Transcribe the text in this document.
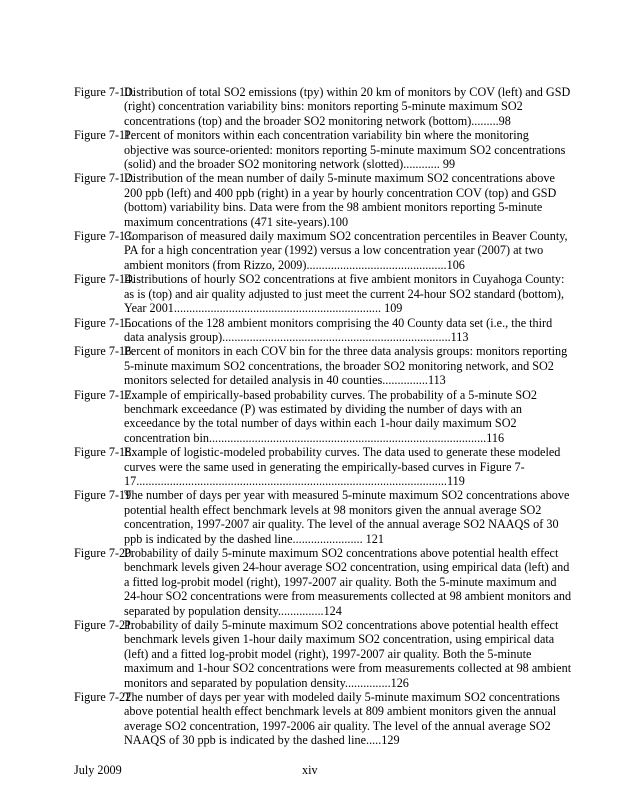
Figure 7-10.
Distribution of total SO2 emissions (tpy) within 20 km of monitors by COV (left) and GSD (right) concentration variability bins: monitors reporting 5-minute maximum SO2 concentrations (top) and the broader SO2 monitoring network (bottom).........98

Figure 7-11.
Percent of monitors within each concentration variability bin where the monitoring objective was source-oriented: monitors reporting 5-minute maximum SO2 concentrations (solid) and the broader SO2 monitoring network (slotted)............ 99

Figure 7-12.
Distribution of the mean number of daily 5-minute maximum SO2 concentrations above 200 ppb (left) and 400 ppb (right) in a year by hourly concentration COV (top) and GSD (bottom) variability bins. Data were from the 98 ambient monitors reporting 5-minute maximum concentrations (471 site-years).100

Figure 7-13.
Comparison of measured daily maximum SO2 concentration percentiles in Beaver County, PA for a high concentration year (1992) versus a low concentration year (2007) at two ambient monitors (from Rizzo, 2009)..............................................106

Figure 7-14.
Distributions of hourly SO2 concentrations at five ambient monitors in Cuyahoga County: as is (top) and air quality adjusted to just meet the current 24-hour SO2 standard (bottom), Year 2001.................................................................... 109

Figure 7-15.
Locations of the 128 ambient monitors comprising the 40 County data set (i.e., the third data analysis group)...........................................................................113

Figure 7-16.
Percent of monitors in each COV bin for the three data analysis groups: monitors reporting 5-minute maximum SO2 concentrations, the broader SO2 monitoring network, and SO2 monitors selected for detailed analysis in 40 counties...............113

Figure 7-17.
Example of empirically-based probability curves. The probability of a 5-minute SO2 benchmark exceedance (P) was estimated by dividing the number of days with an exceedance by the total number of days within each 1-hour daily maximum SO2 concentration bin...........................................................................................116

Figure 7-18.
Example of logistic-modeled probability curves. The data used to generate these modeled curves were the same used in generating the empirically-based curves in Figure 7-17......................................................................................................119

Figure 7-19.
The number of days per year with measured 5-minute maximum SO2 concentrations above potential health effect benchmark levels at 98 monitors given the annual average SO2 concentration, 1997-2007 air quality. The level of the annual average SO2 NAAQS of 30 ppb is indicated by the dashed line....................... 121

Figure 7-20.
Probability of daily 5-minute maximum SO2 concentrations above potential health effect benchmark levels given 24-hour average SO2 concentration, using empirical data (left) and a fitted log-probit model (right), 1997-2007 air quality. Both the 5-minute maximum and 24-hour SO2 concentrations were from measurements collected at 98 ambient monitors and separated by population density...............124

Figure 7-21.
Probability of daily 5-minute maximum SO2 concentrations above potential health effect benchmark levels given 1-hour daily maximum SO2 concentration, using empirical data (left) and a fitted log-probit model (right), 1997-2007 air quality. Both the 5-minute maximum and 1-hour SO2 concentrations were from measurements collected at 98 ambient monitors and separated by population density...............126

Figure 7-22.
The number of days per year with modeled daily 5-minute maximum SO2 concentrations above potential health effect benchmark levels at 809 ambient monitors given the annual average SO2 concentration, 1997-2006 air quality. The level of the annual average SO2 NAAQS of 30 ppb is indicated by the dashed line.....129

July 2009	xiv
